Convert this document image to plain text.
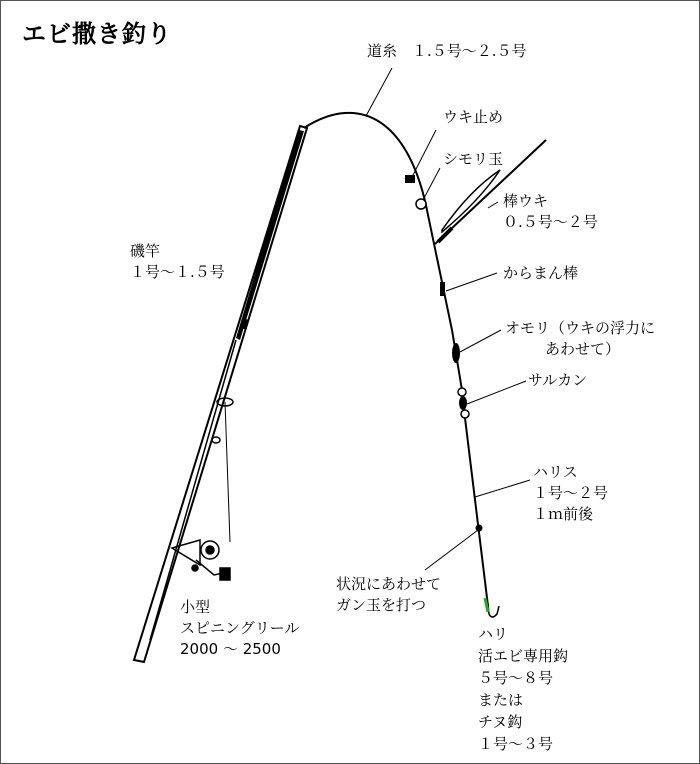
エビ撒き釣り
道糸　１.５号～２.５号
ウキ止め
シモリ玉
棒ウキ
０.５号～２号
からまん棒
オモリ（ウキの浮力に
あわせて）
サルカン
ハリス
１号～２号
１ｍ前後
状況にあわせて
ガン玉を打つ
磯竿
１号～１.５号
小型
スピニングリール
2000 ～ 2500
ハリ
活エビ専用鈎
５号～８号
または
チヌ鈎
１号～３号
